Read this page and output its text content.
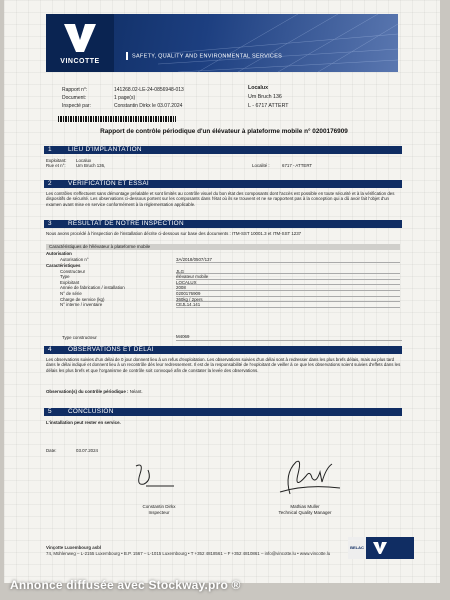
VINCOTTE
SAFETY, QUALITY AND ENVIRONMENTAL SERVICES
Rapport n°:	141268.02-LE-24-0856948-013
Document:	1 page(s)
Inspecté par:	Constantin Dirkx le 03.07.2024
Localux
Um Bruch 136
L - 6717 ATTERT
Rapport de contrôle périodique d'un élévateur à plateforme mobile n° 0200176909
1	LIEU D'IMPLANTATION
Exploitant:	Localux
Rue et n°:	Um Bruch 136,	Localité :	6717 - ATTERT
2	VÉRIFICATION ET ESSAI
Les contrôles s'effectuent sans démontage préalable et sont limités au contrôle visuel du bon état des composants dont l'accès est possible en toute sécurité et à la vérification des dispositifs de sécurité. Les observations ci-dessous portent sur les composants dans l'état où ils se trouvent et ne se rapportent pas à la conception qui a dû avoir fait l'objet d'un examen avant mise en service conformément à la réglementation applicable.
3	RÉSULTAT DE NOTRE INSPECTION
Nous avons procédé à l'inspection de l'installation décrite ci-dessous sur base des documents : ITM-SST 10001.3 et ITM-SST 1237
Caractéristiques de l'élévateur à plateforme mobile
Autorisation
Autorisation n°	3A/2018/0507/137
Caractéristiques
Constructeur	JLG
Type	élévateur mobile
Exploitant	LOCALUX
Année de fabrication / installation	2008
N° de série	0200176909
Charge de service (kg)	360kg / 2pers
N° interne / inventaire	CEJL14.141
Type constructeur	M4069
4	OBSERVATIONS ET DÉLAI
Les observations suivies d'un délai de 0 jour donnent lieu à un refus d'exploitation. Les observations suivies d'un délai sont à redresser dans les plus brefs délais, mais au plus tard dans le délai indiqué et donnent lieu à un recontrôle dès leur redressement. Il est de la responsabilité de l'exploitant de veiller à ce que les observations soient suivies d'effets dans les délais les plus brefs et que l'organisme de contrôle soit convoqué afin de constater la levée des observations.
Observation(s) du contrôle périodique : Néant.
5	CONCLUSION
L'installation peut rester en service.
Date:	03.07.2024
Constantin Dirkx
Inspecteur
Mathias Muller
Technical Quality Manager
Vinçotte Luxembourg asbl
74, Mühlenweg – L-2155 Luxembourg • B.P. 1567 – L-1015 Luxembourg • T +352 4818561 – F +352 4810861 – info@vincotte.lu • www.vincotte.lu
BELAC
Annonce diffusée avec Stockway.pro ®
